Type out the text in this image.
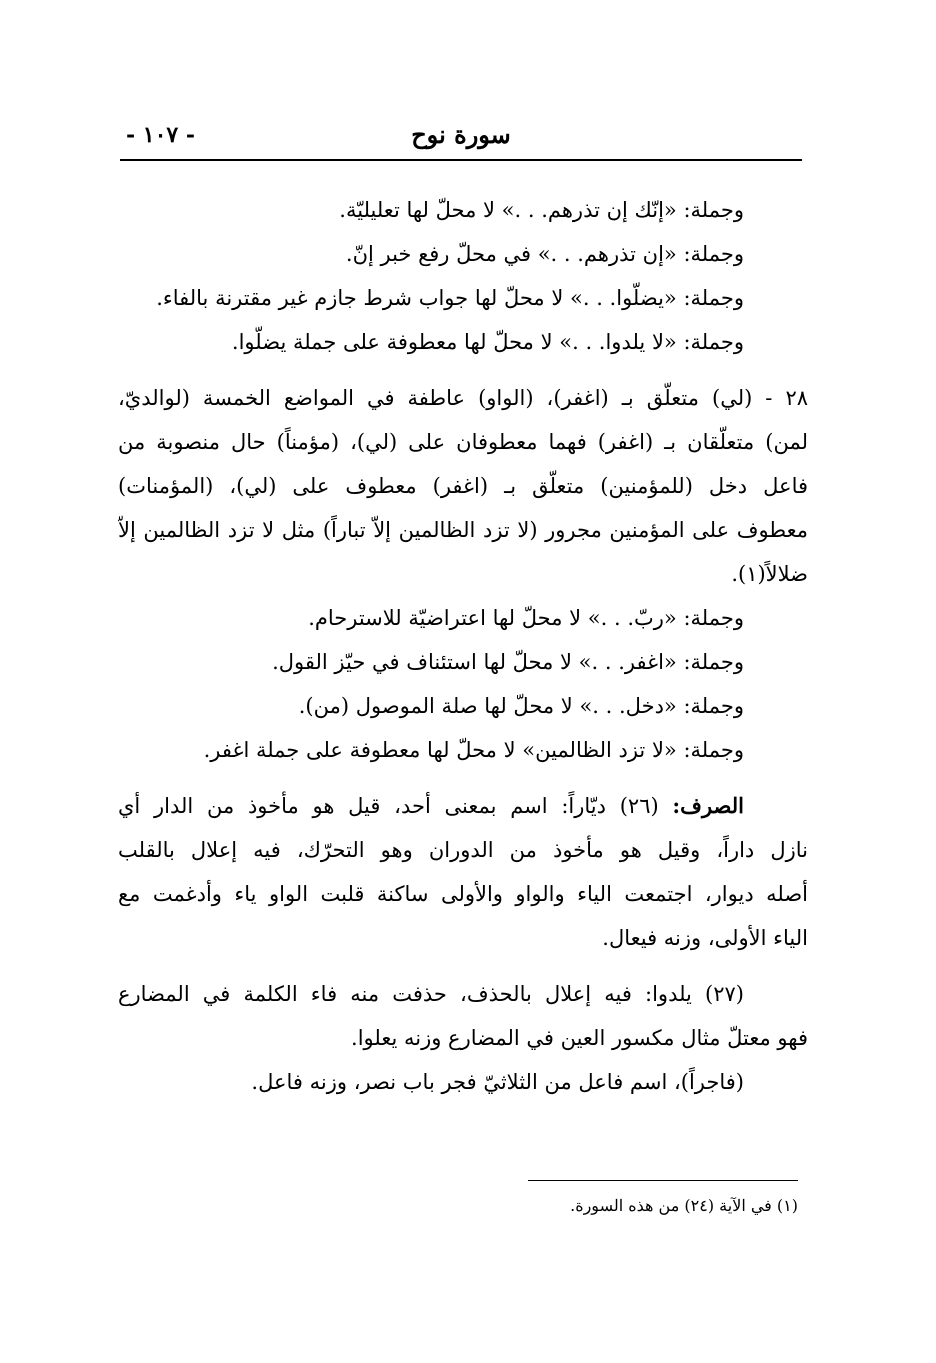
سورة نوح
- ١٠٧ -
وجملة: «إنّك إن تذرهم. . .» لا محلّ لها تعليليّة.
وجملة: «إن تذرهم. . .» في محلّ رفع خبر إنّ.
وجملة: «يضلّوا. . .» لا محلّ لها جواب شرط جازم غير مقترنة بالفاء.
وجملة: «لا يلدوا. . .» لا محلّ لها معطوفة على جملة يضلّوا.
٢٨ - (لي) متعلّق بـ (اغفر)، (الواو) عاطفة في المواضع الخمسة (لوالديّ،
لمن) متعلّقان بـ (اغفر) فهما معطوفان على (لي)، (مؤمناً) حال منصوبة من
فاعل دخل (للمؤمنين) متعلّق بـ (اغفر) معطوف على (لي)، (المؤمنات)
معطوف على المؤمنين مجرور (لا تزد الظالمين إلاّ تباراً) مثل لا تزد الظالمين إلاّ
ضلالاً(١).
وجملة: «ربّ. . .» لا محلّ لها اعتراضيّة للاسترحام.
وجملة: «اغفر. . .» لا محلّ لها استئناف في حيّز القول.
وجملة: «دخل. . .» لا محلّ لها صلة الموصول (من).
وجملة: «لا تزد الظالمين» لا محلّ لها معطوفة على جملة اغفر.
الصرف: (٢٦) ديّاراً: اسم بمعنى أحد، قيل هو مأخوذ من الدار أي
نازل داراً، وقيل هو مأخوذ من الدوران وهو التحرّك، فيه إعلال بالقلب
أصله ديوار، اجتمعت الياء والواو والأولى ساكنة قلبت الواو ياء وأدغمت مع
الياء الأولى، وزنه فيعال.
(٢٧) يلدوا: فيه إعلال بالحذف، حذفت منه فاء الكلمة في المضارع
فهو معتلّ مثال مكسور العين في المضارع وزنه يعلوا.
(فاجراً)، اسم فاعل من الثلاثيّ فجر باب نصر، وزنه فاعل.
(١) في الآية (٢٤) من هذه السورة.
